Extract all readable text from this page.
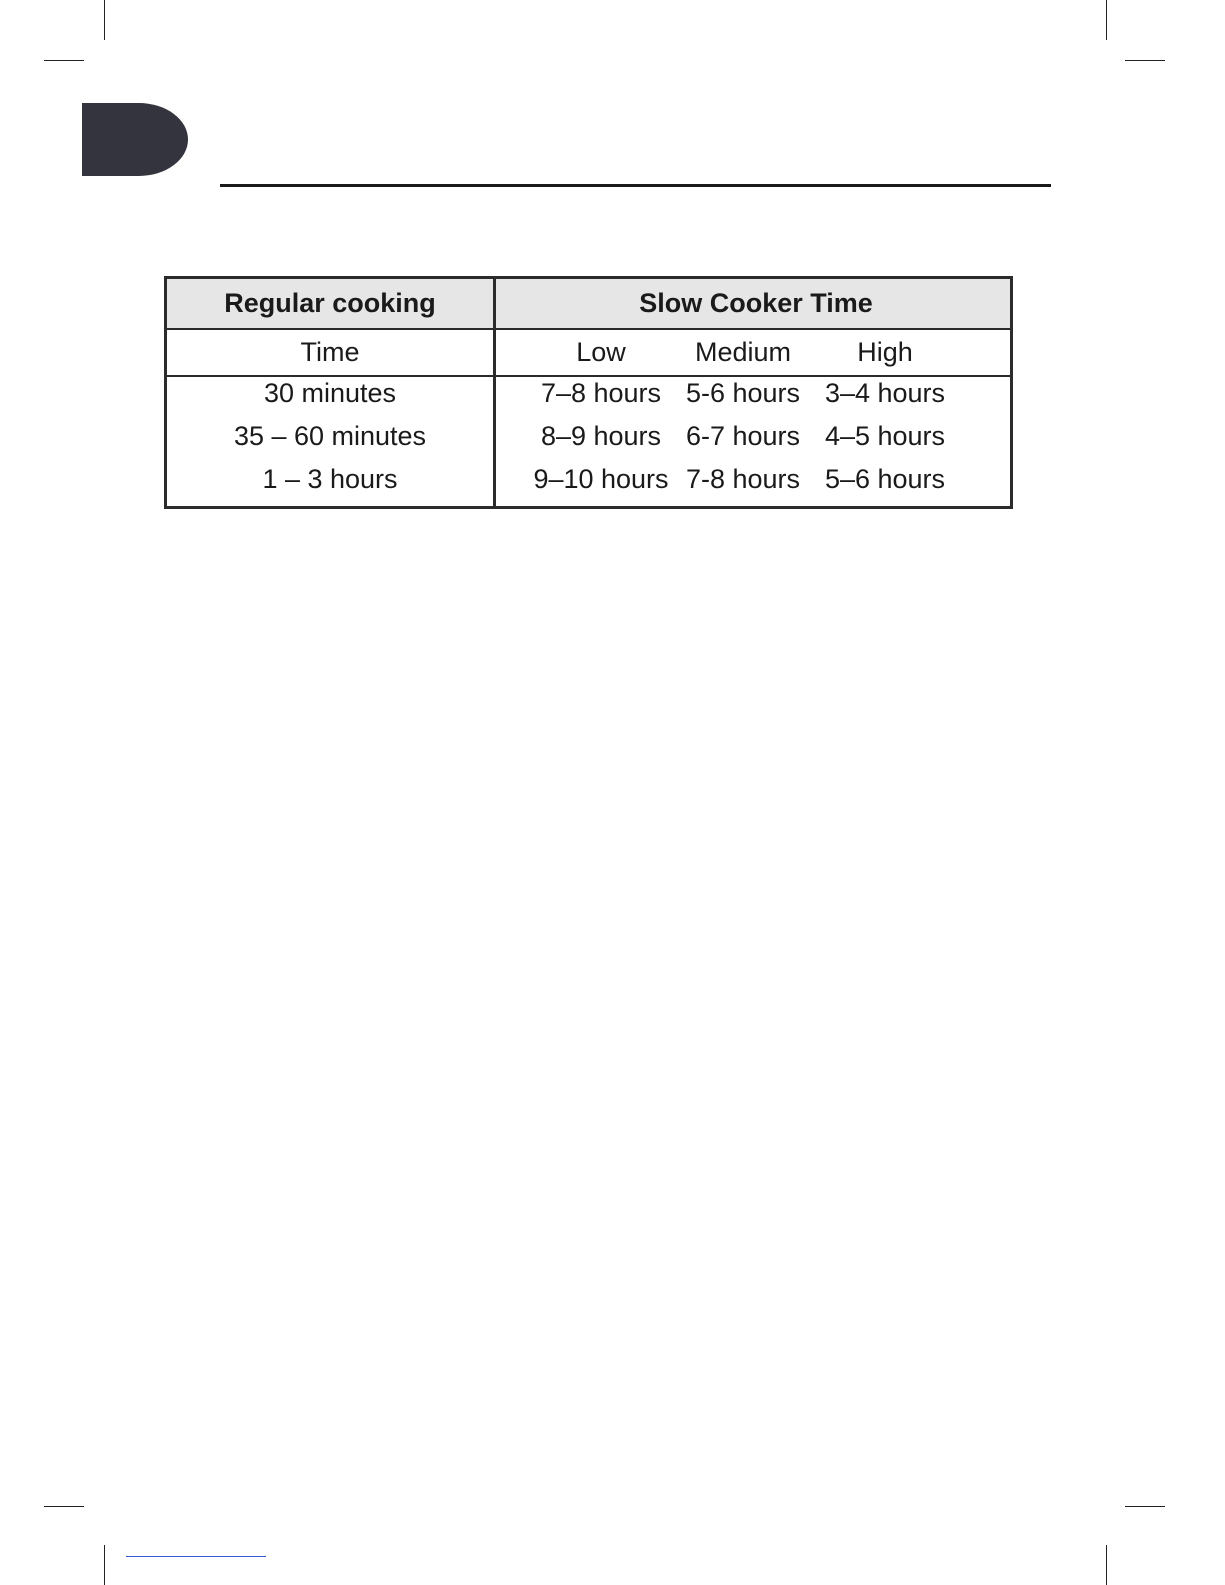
Regular cooking	Slow Cooker Time
Time	Low	Medium	High
30 minutes	7–8 hours 5-6 hours 3–4 hours
35 – 60 minutes	8–9 hours 6-7 hours 4–5 hours
1 – 3 hours	9–10 hours 7-8 hours 5–6 hours
